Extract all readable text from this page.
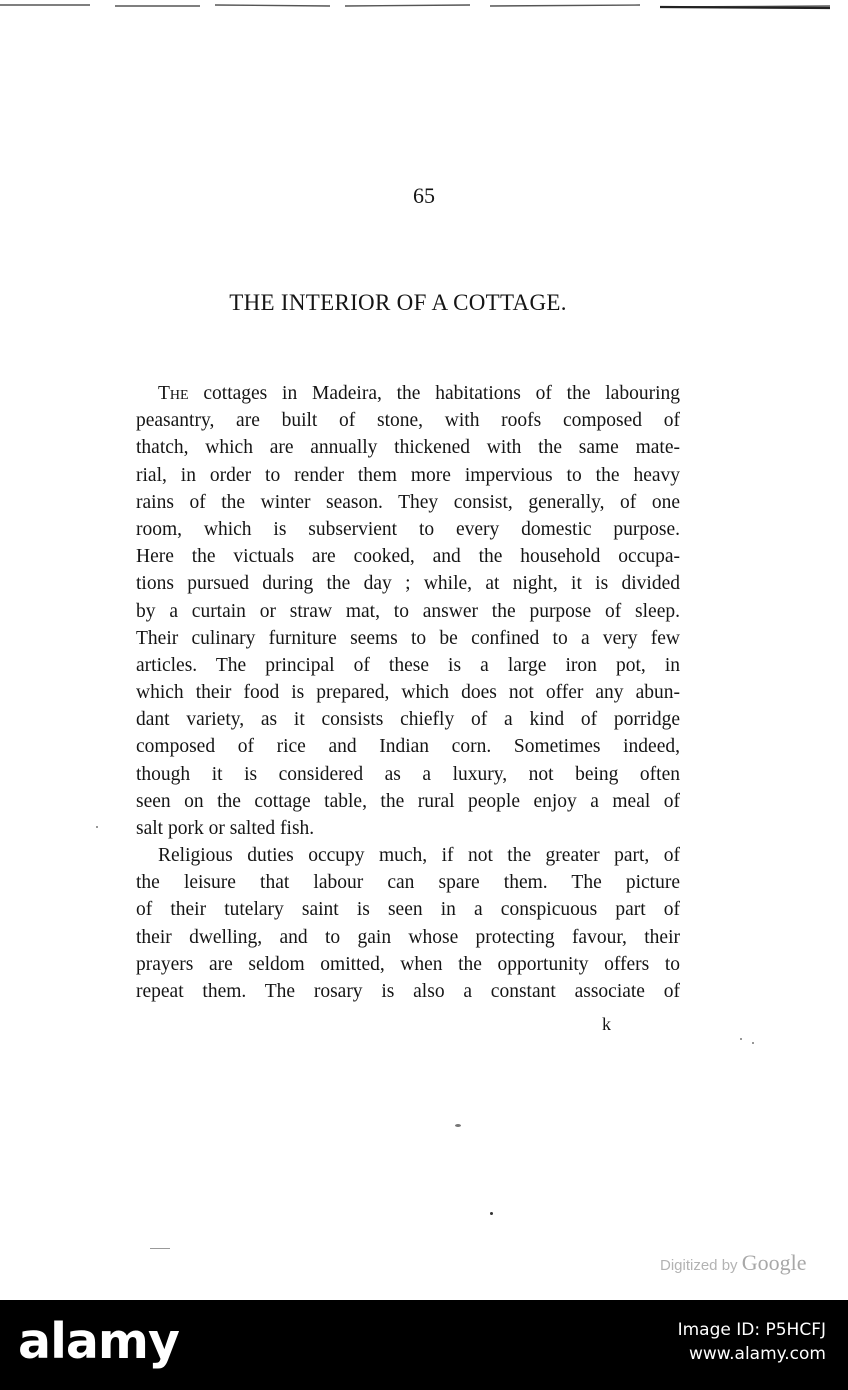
65
THE INTERIOR OF A COTTAGE.
The cottages in Madeira, the habitations of the labouring
peasantry, are built of stone, with roofs composed of
thatch, which are annually thickened with the same mate-
rial, in order to render them more impervious to the heavy
rains of the winter season. They consist, generally, of one
room, which is subservient to every domestic purpose.
Here the victuals are cooked, and the household occupa-
tions pursued during the day ; while, at night, it is divided
by a curtain or straw mat, to answer the purpose of sleep.
Their culinary furniture seems to be confined to a very few
articles. The principal of these is a large iron pot, in
which their food is prepared, which does not offer any abun-
dant variety, as it consists chiefly of a kind of porridge
composed of rice and Indian corn. Sometimes indeed,
though it is considered as a luxury, not being often
seen on the cottage table, the rural people enjoy a meal of
salt pork or salted fish.
Religious duties occupy much, if not the greater part, of
the leisure that labour can spare them. The picture
of their tutelary saint is seen in a conspicuous part of
their dwelling, and to gain whose protecting favour, their
prayers are seldom omitted, when the opportunity offers to
repeat them. The rosary is also a constant associate of
k
Digitized by Google
alamy	Image ID: P5HCFJ
www.alamy.com
